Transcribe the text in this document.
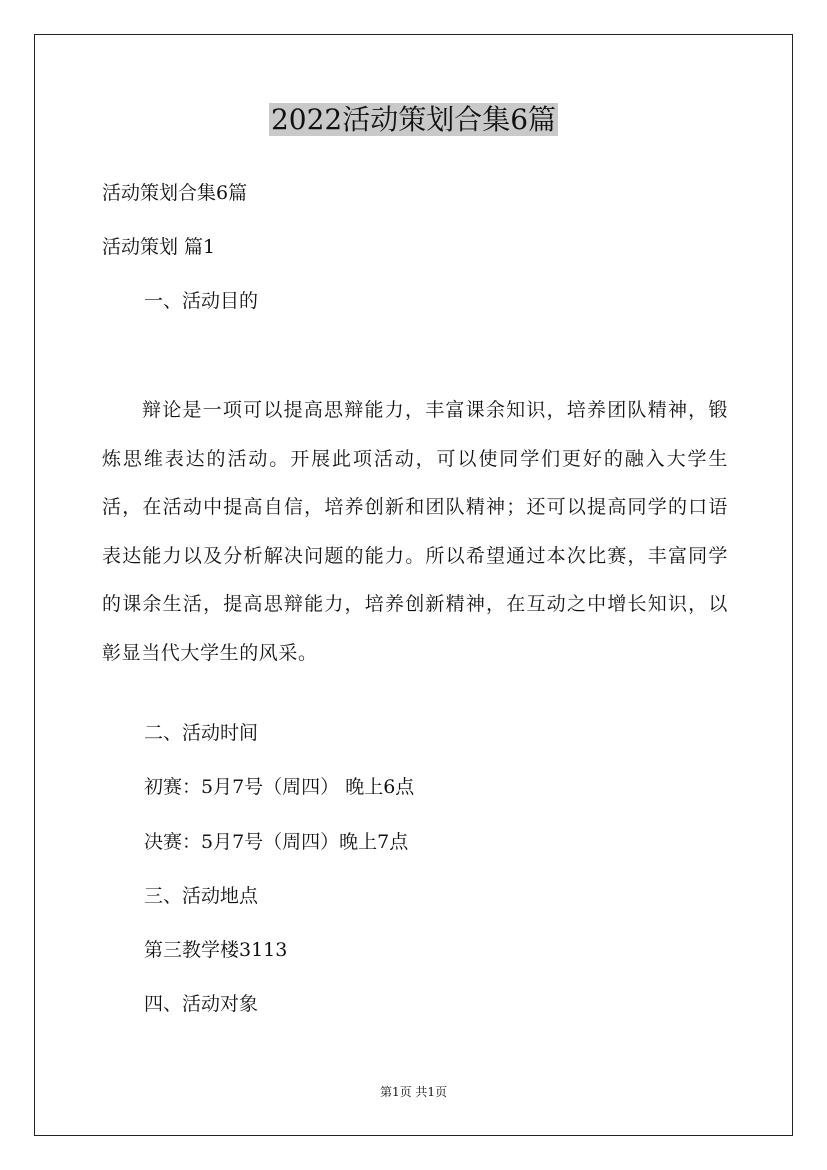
2022活动策划合集6篇
活动策划合集6篇
活动策划 篇1
一、活动目的
辩论是一项可以提高思辩能力，丰富课余知识，培养团队精神，锻炼思维表达的活动。开展此项活动，可以使同学们更好的融入大学生活，在活动中提高自信，培养创新和团队精神；还可以提高同学的口语表达能力以及分析解决问题的能力。所以希望通过本次比赛，丰富同学的课余生活，提高思辩能力，培养创新精神，在互动之中增长知识，以彰显当代大学生的风采。
二、活动时间
初赛：5月7号（周四） 晚上6点
决赛：5月7号（周四）晚上7点
三、活动地点
第三教学楼3113
四、活动对象
第1页 共1页
